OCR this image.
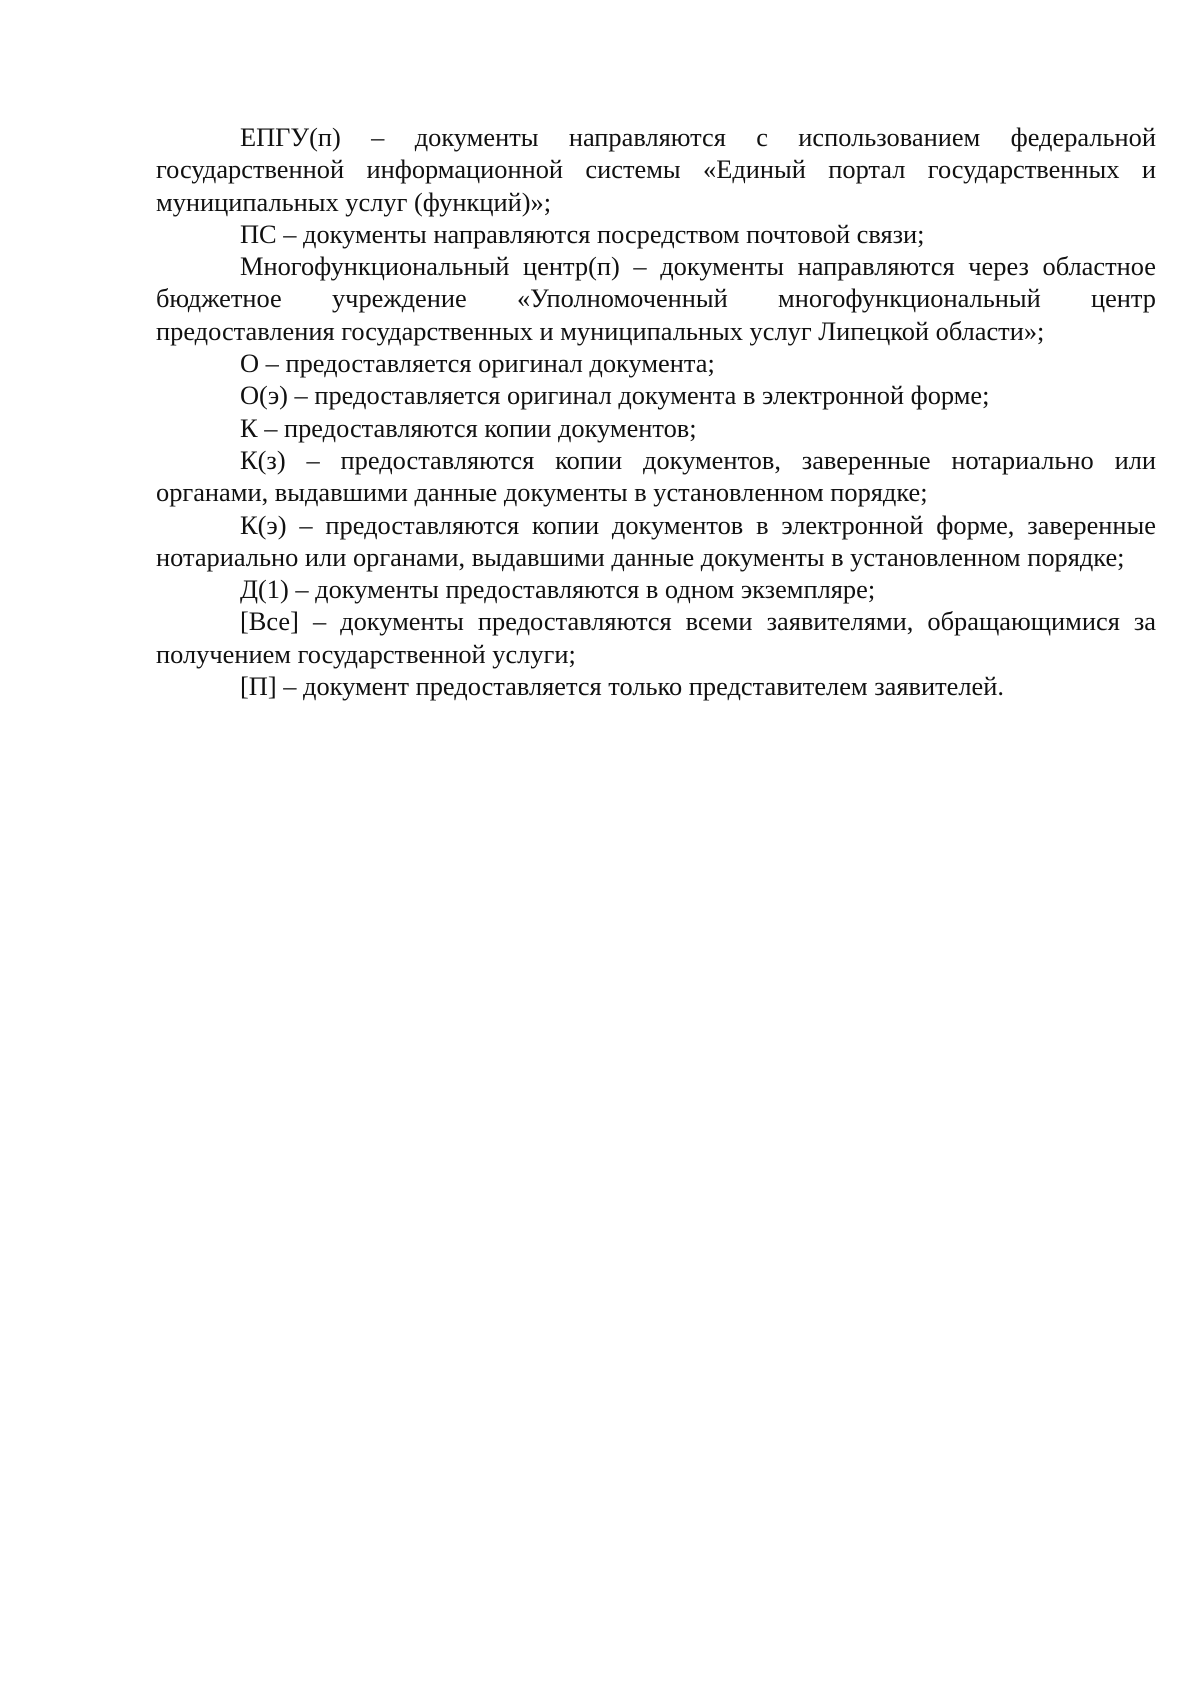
ЕПГУ(п) – документы направляются с использованием федеральной государственной информационной системы «Единый портал государственных и муниципальных услуг (функций)»;

ПС – документы направляются посредством почтовой связи;

Многофункциональный центр(п) – документы направляются через областное бюджетное учреждение «Уполномоченный многофункциональный центр предоставления государственных и муниципальных услуг Липецкой области»;

О – предоставляется оригинал документа;

О(э) – предоставляется оригинал документа в электронной форме;

К – предоставляются копии документов;

К(з) – предоставляются копии документов, заверенные нотариально или органами, выдавшими данные документы в установленном порядке;

К(э) – предоставляются копии документов в электронной форме, заверенные нотариально или органами, выдавшими данные документы в установленном порядке;

Д(1) – документы предоставляются в одном экземпляре;

[Все] – документы предоставляются всеми заявителями, обращающимися за получением государственной услуги;

[П] – документ предоставляется только представителем заявителей.
